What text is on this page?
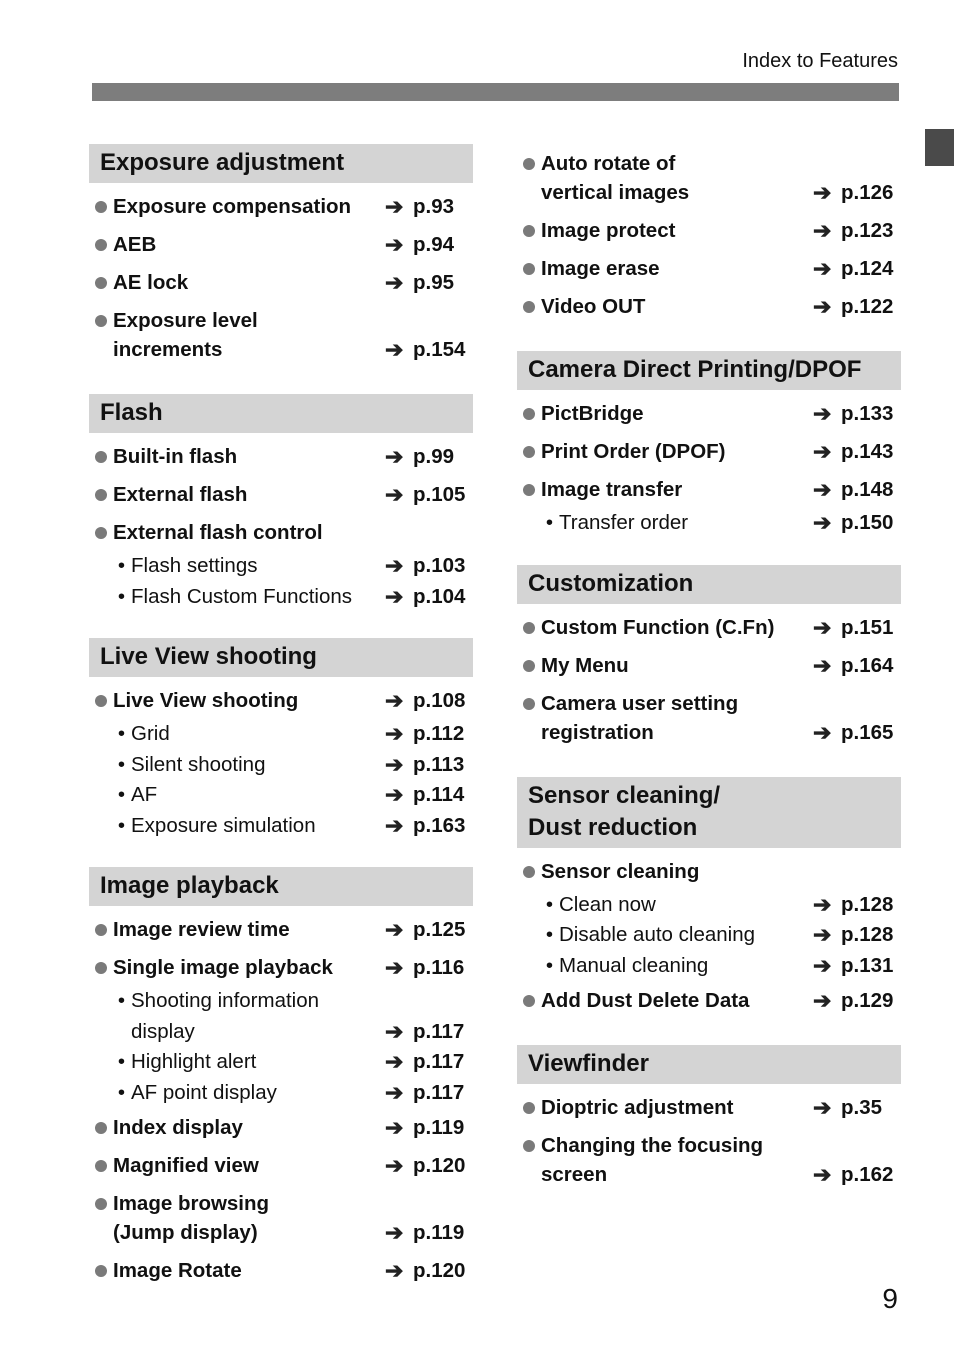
Index to Features
Exposure adjustment
Exposure compensation	➔ p.93
AEB	➔ p.94
AE lock	➔ p.95
Exposure level
increments	➔ p.154
Flash
Built-in flash	➔ p.99
External flash	➔ p.105
External flash control
• Flash settings	➔ p.103
• Flash Custom Functions	➔ p.104
Live View shooting
Live View shooting	➔ p.108
• Grid	➔ p.112
• Silent shooting	➔ p.113
• AF	➔ p.114
• Exposure simulation	➔ p.163
Image playback
Image review time	➔ p.125
Single image playback	➔ p.116
• Shooting information
display	➔ p.117
• Highlight alert	➔ p.117
• AF point display	➔ p.117
Index display	➔ p.119
Magnified view	➔ p.120
Image browsing
(Jump display)	➔ p.119
Image Rotate	➔ p.120
Auto rotate of
vertical images	➔ p.126
Image protect	➔ p.123
Image erase	➔ p.124
Video OUT	➔ p.122
Camera Direct Printing/DPOF
PictBridge	➔ p.133
Print Order (DPOF)	➔ p.143
Image transfer	➔ p.148
• Transfer order	➔ p.150
Customization
Custom Function (C.Fn)	➔ p.151
My Menu	➔ p.164
Camera user setting
registration	➔ p.165
Sensor cleaning/
Dust reduction
Sensor cleaning
• Clean now	➔ p.128
• Disable auto cleaning	➔ p.128
• Manual cleaning	➔ p.131
Add Dust Delete Data	➔ p.129
Viewfinder
Dioptric adjustment	➔ p.35
Changing the focusing
screen	➔ p.162
9
